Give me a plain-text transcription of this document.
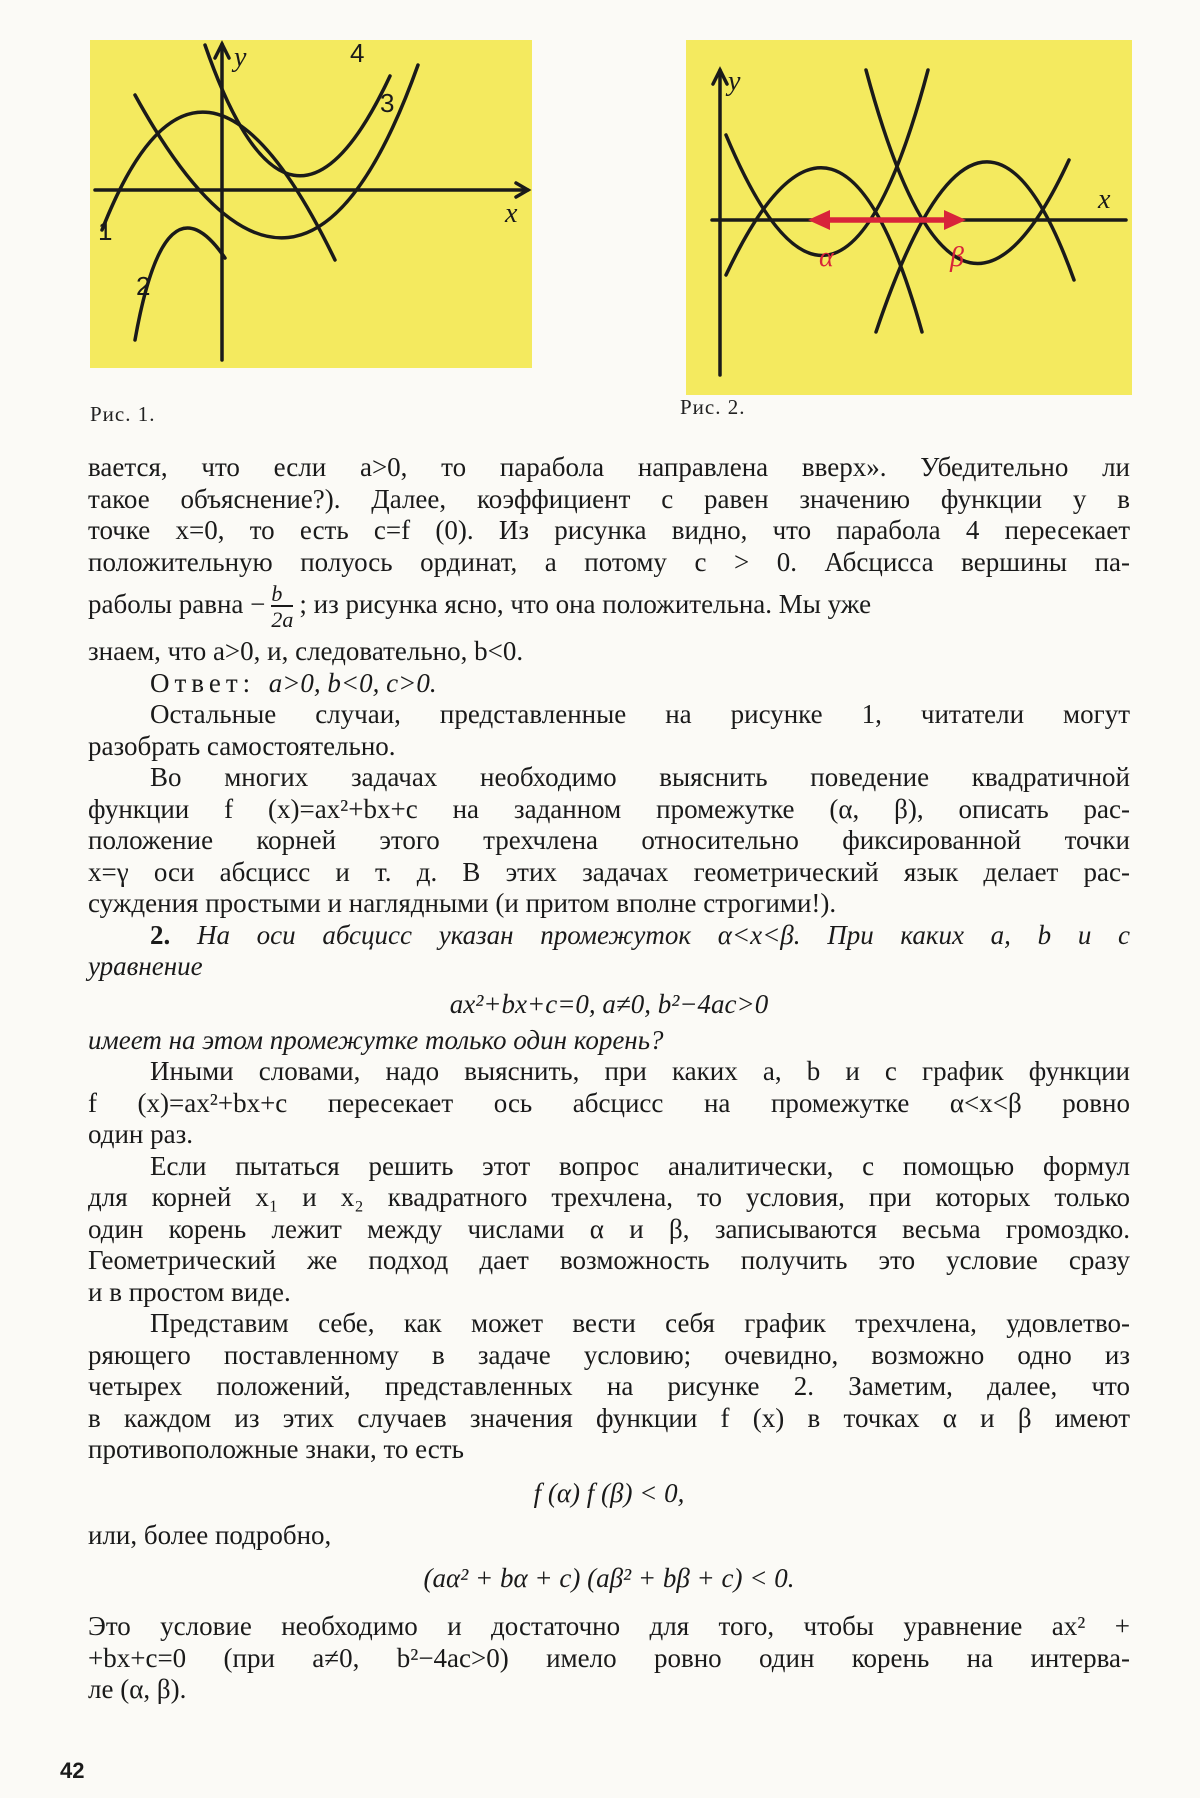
y
x
1
2
3
4
Рис. 1.
y
x
α	β
Рис. 2.
вается, что если a>0, то парабола направлена вверх». Убедительно ли
такое объяснение?). Далее, коэффициент c равен значению функции y в
точке x=0, то есть c=f (0). Из рисунка видно, что парабола 4 пересекает
положительную полуось ординат, а потому c > 0. Абсцисса вершины па-
раболы равна − $\frac{b}{2a}$ ; из рисунка ясно, что она положительна. Мы уже
знаем, что a>0, и, следовательно, b<0.
Ответ: a>0, b<0, c>0.
Остальные случаи, представленные на рисунке 1, читатели могут
разобрать самостоятельно.
Во многих задачах необходимо выяснить поведение квадратичной
функции f (x)=ax²+bx+c на заданном промежутке (α, β), описать рас-
положение корней этого трехчлена относительно фиксированной точки
x=γ оси абсцисс и т. д. В этих задачах геометрический язык делает рас-
суждения простыми и наглядными (и притом вполне строгими!).
2. На оси абсцисс указан промежуток α<x<β. При каких a, b и c
уравнение
ax²+bx+c=0, a≠0, b²−4ac>0
имеет на этом промежутке только один корень?
Иными словами, надо выяснить, при каких a, b и c график функции
f (x)=ax²+bx+c пересекает ось абсцисс на промежутке α<x<β ровно
один раз.
Если пытаться решить этот вопрос аналитически, с помощью формул
для корней x₁ и x₂ квадратного трехчлена, то условия, при которых только
один корень лежит между числами α и β, записываются весьма громоздко.
Геометрический же подход дает возможность получить это условие сразу
и в простом виде.
Представим себе, как может вести себя график трехчлена, удовлетво-
ряющего поставленному в задаче условию; очевидно, возможно одно из
четырех положений, представленных на рисунке 2. Заметим, далее, что
в каждом из этих случаев значения функции f (x) в точках α и β имеют
противоположные знаки, то есть
f (α) f (β) < 0,
или, более подробно,
(aα² + bα + c) (aβ² + bβ + c) < 0.
Это условие необходимо и достаточно для того, чтобы уравнение ax² +
+bx+c=0 (при a≠0, b²−4ac>0) имело ровно один корень на интерва-
ле (α, β).
42
